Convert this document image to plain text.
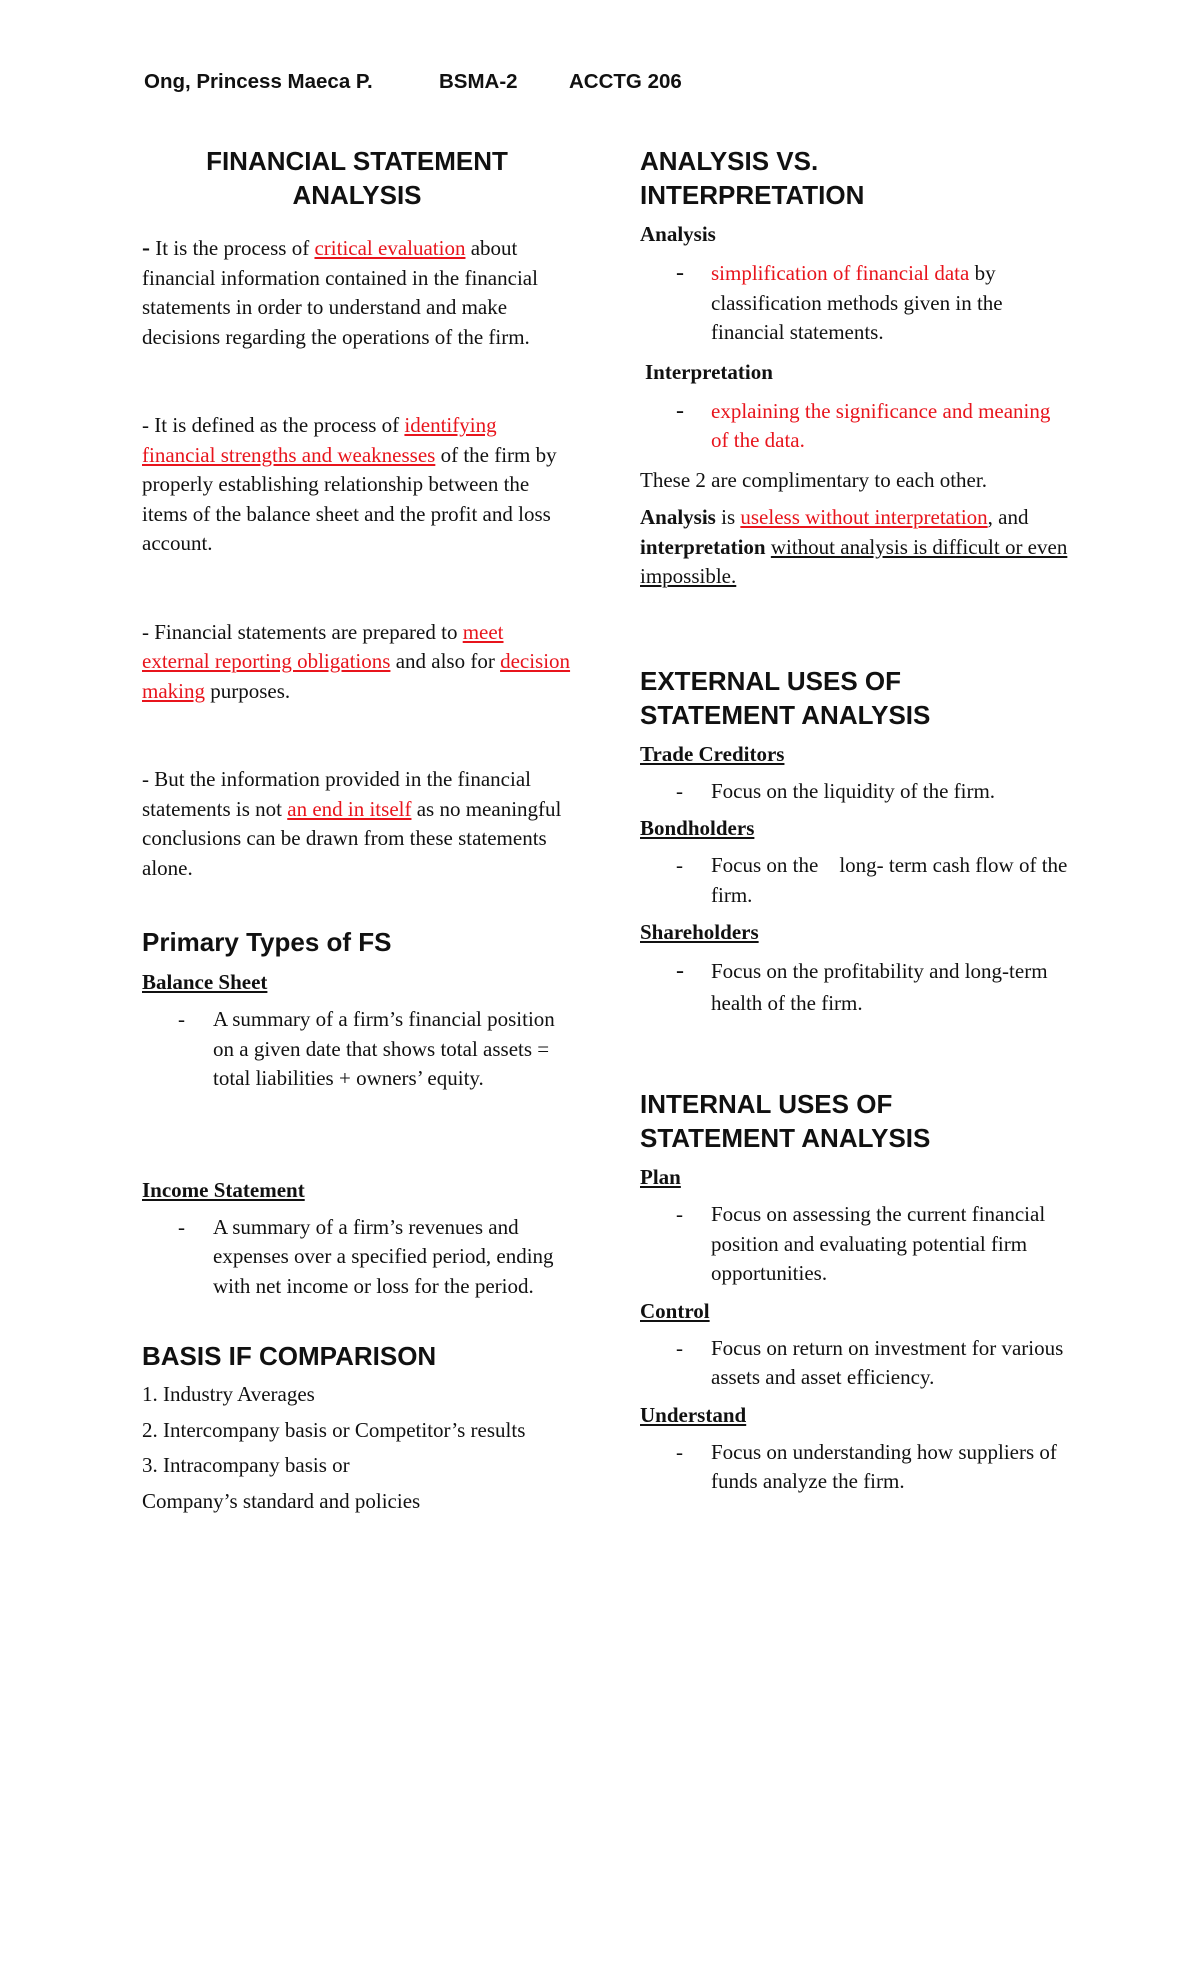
Ong, Princess Maeca P.	BSMA-2	ACCTG 206
FINANCIAL STATEMENT
ANALYSIS

- It is the process of critical evaluation about financial information contained in the financial statements in order to understand and make decisions regarding the operations of the firm.

- It is defined as the process of identifying financial strengths and weaknesses of the firm by properly establishing relationship between the items of the balance sheet and the profit and loss account.

- Financial statements are prepared to meet external reporting obligations and also for decision making purposes.

- But the information provided in the financial statements is not an end in itself as no meaningful conclusions can be drawn from these statements alone.

Primary Types of FS
Balance Sheet
-	A summary of a firm’s financial position on a given date that shows total assets = total liabilities + owners’ equity.
Income Statement
-	A summary of a firm’s revenues and expenses over a specified period, ending with net income or loss for the period.
BASIS IF COMPARISON

1. Industry Averages

2. Intercompany basis or Competitor’s results

3. Intracompany basis or

Company’s standard and policies

ANALYSIS VS.
INTERPRETATION
Analysis
-	simplification of financial data by classification methods given in the financial statements.
Interpretation
-	explaining the significance and meaning of the data.

These 2 are complimentary to each other.

Analysis is useless without interpretation, and interpretation without analysis is difficult or even impossible.

EXTERNAL USES OF
STATEMENT ANALYSIS
Trade Creditors
-	Focus on the liquidity of the firm.
Bondholders
-	Focus on the    long- term cash flow of the firm.
Shareholders
-	Focus on the profitability and long-term health of the firm.
INTERNAL USES OF
STATEMENT ANALYSIS
Plan
-	Focus on assessing the current financial position and evaluating potential firm opportunities.
Control
-	Focus on return on investment for various assets and asset efficiency.
Understand
-	Focus on understanding how suppliers of funds analyze the firm.
